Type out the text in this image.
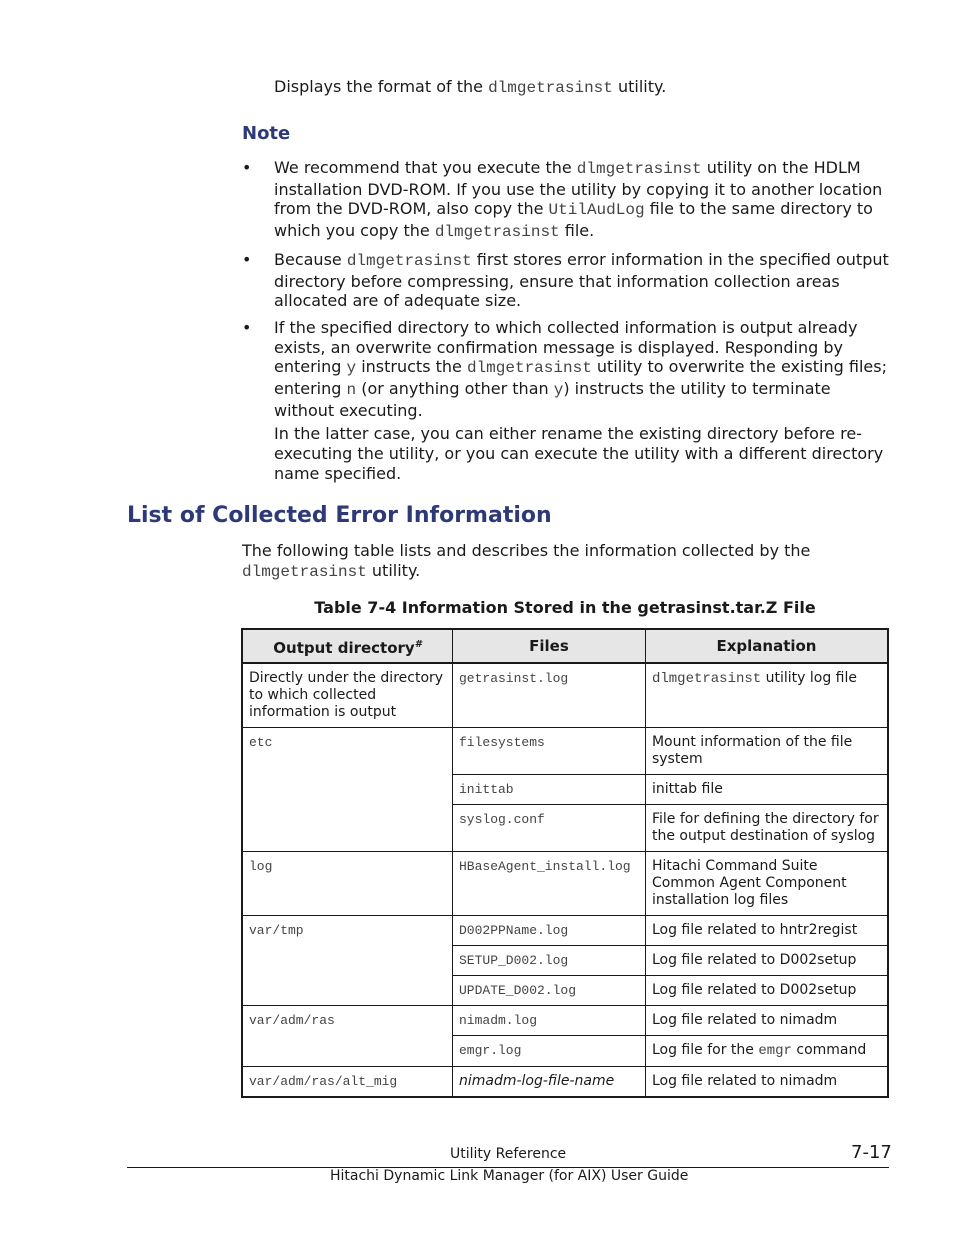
Displays the format of the dlmgetrasinst utility.
Note
• We recommend that you execute the dlmgetrasinst utility on the HDLM installation DVD-ROM. If you use the utility by copying it to another location from the DVD-ROM, also copy the UtilAudLog file to the same directory to which you copy the dlmgetrasinst file.
• Because dlmgetrasinst first stores error information in the specified output directory before compressing, ensure that information collection areas allocated are of adequate size.
• If the specified directory to which collected information is output already exists, an overwrite confirmation message is displayed. Responding by entering y instructs the dlmgetrasinst utility to overwrite the existing files; entering n (or anything other than y) instructs the utility to terminate without executing.
In the latter case, you can either rename the existing directory before re-executing the utility, or you can execute the utility with a different directory name specified.
List of Collected Error Information
The following table lists and describes the information collected by the dlmgetrasinst utility.
Table 7-4 Information Stored in the getrasinst.tar.Z File
Output directory#	Files	Explanation
Directly under the directory to which collected information is output	getrasinst.log	dlmgetrasinst utility log file
etc	filesystems	Mount information of the file system
	inittab	inittab file
	syslog.conf	File for defining the directory for the output destination of syslog
log	HBaseAgent_install.log	Hitachi Command Suite Common Agent Component installation log files
var/tmp	D002PPName.log	Log file related to hntr2regist
	SETUP_D002.log	Log file related to D002setup
	UPDATE_D002.log	Log file related to D002setup
var/adm/ras	nimadm.log	Log file related to nimadm
	emgr.log	Log file for the emgr command
var/adm/ras/alt_mig	nimadm-log-file-name	Log file related to nimadm
Utility Reference	7-17
Hitachi Dynamic Link Manager (for AIX) User Guide
